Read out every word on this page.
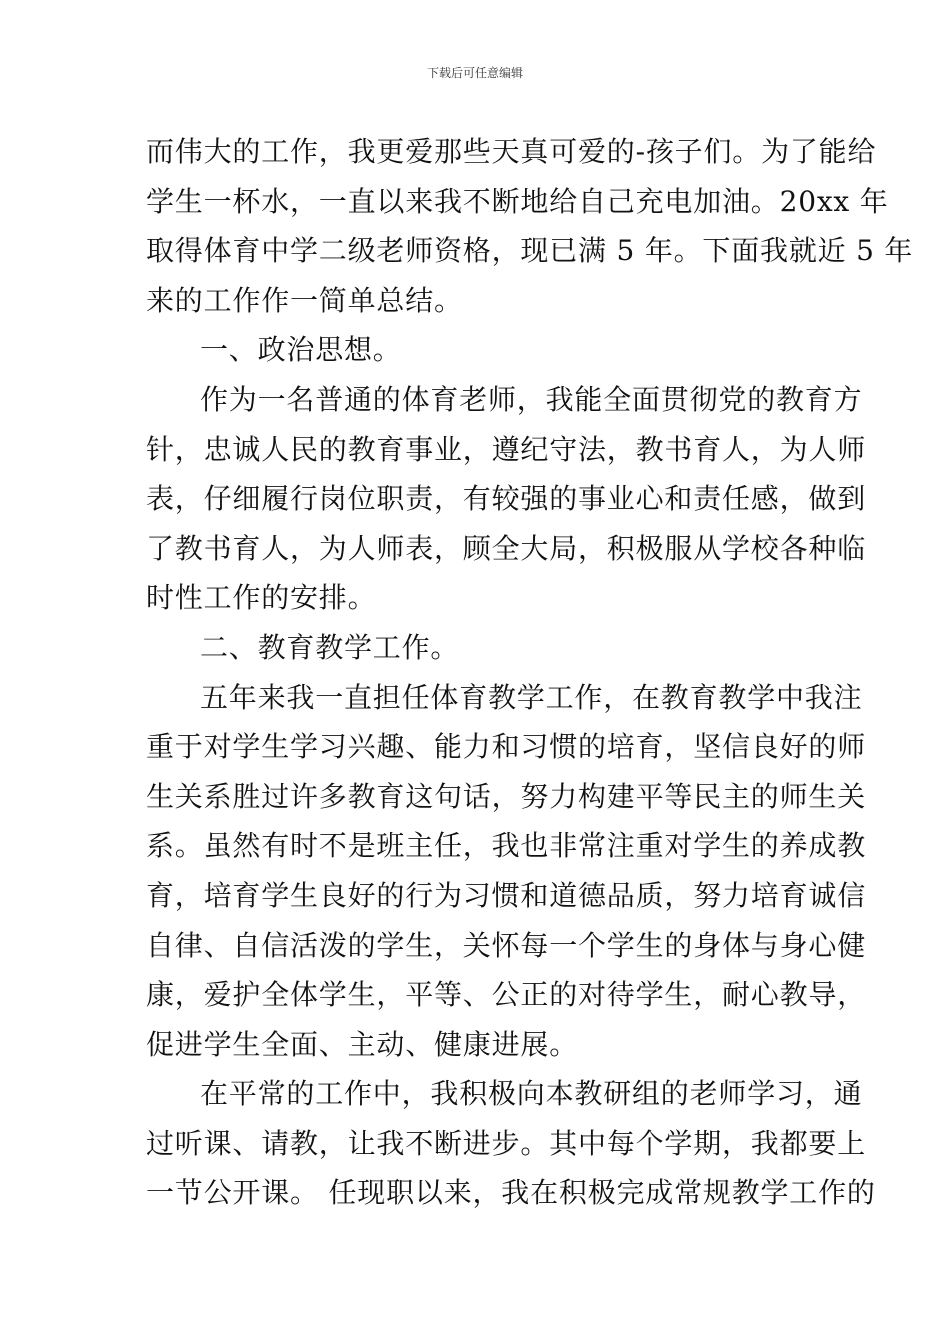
下载后可任意编辑
而伟大的工作，我更爱那些天真可爱的-孩子们。为了能给
学生一杯水，一直以来我不断地给自己充电加油。20xx 年
取得体育中学二级老师资格，现已满 5 年。下面我就近 5 年
来的工作作一简单总结。
一、政治思想。
作为一名普通的体育老师，我能全面贯彻党的教育方
针，忠诚人民的教育事业，遵纪守法，教书育人，为人师
表，仔细履行岗位职责，有较强的事业心和责任感，做到
了教书育人，为人师表，顾全大局，积极服从学校各种临
时性工作的安排。
二、教育教学工作。
五年来我一直担任体育教学工作，在教育教学中我注
重于对学生学习兴趣、能力和习惯的培育，坚信良好的师
生关系胜过许多教育这句话，努力构建平等民主的师生关
系。虽然有时不是班主任，我也非常注重对学生的养成教
育，培育学生良好的行为习惯和道德品质，努力培育诚信
自律、自信活泼的学生，关怀每一个学生的身体与身心健
康，爱护全体学生，平等、公正的对待学生，耐心教导，
促进学生全面、主动、健康进展。
在平常的工作中，我积极向本教研组的老师学习，通
过听课、请教，让我不断进步。其中每个学期，我都要上
一节公开课。 任现职以来，我在积极完成常规教学工作的
